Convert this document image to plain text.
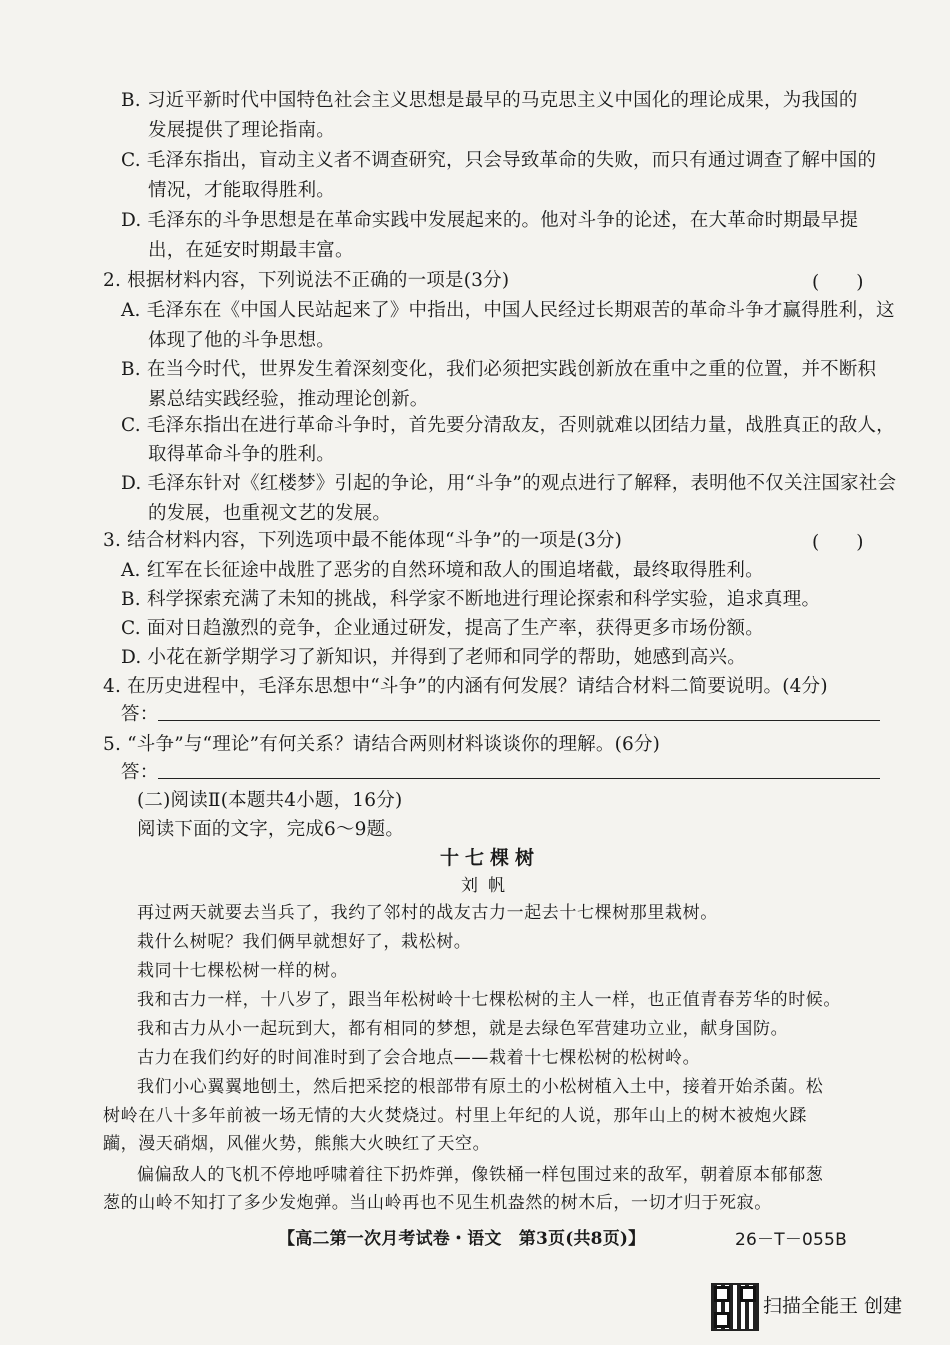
B. 习近平新时代中国特色社会主义思想是最早的马克思主义中国化的理论成果，为我国的
发展提供了理论指南。
C. 毛泽东指出，盲动主义者不调查研究，只会导致革命的失败，而只有通过调查了解中国的
情况，才能取得胜利。
D. 毛泽东的斗争思想是在革命实践中发展起来的。他对斗争的论述，在大革命时期最早提
出，在延安时期最丰富。
2. 根据材料内容，下列说法不正确的一项是(3分)	(　　)
A. 毛泽东在《中国人民站起来了》中指出，中国人民经过长期艰苦的革命斗争才赢得胜利，这
体现了他的斗争思想。
B. 在当今时代，世界发生着深刻变化，我们必须把实践创新放在重中之重的位置，并不断积
累总结实践经验，推动理论创新。
C. 毛泽东指出在进行革命斗争时，首先要分清敌友，否则就难以团结力量，战胜真正的敌人，
取得革命斗争的胜利。
D. 毛泽东针对《红楼梦》引起的争论，用“斗争”的观点进行了解释，表明他不仅关注国家社会
的发展，也重视文艺的发展。
3. 结合材料内容，下列选项中最不能体现“斗争”的一项是(3分)	(　　)
A. 红军在长征途中战胜了恶劣的自然环境和敌人的围追堵截，最终取得胜利。
B. 科学探索充满了未知的挑战，科学家不断地进行理论探索和科学实验，追求真理。
C. 面对日趋激烈的竞争，企业通过研发，提高了生产率，获得更多市场份额。
D. 小花在新学期学习了新知识，并得到了老师和同学的帮助，她感到高兴。
4. 在历史进程中，毛泽东思想中“斗争”的内涵有何发展？请结合材料二简要说明。(4分)
答：
5. “斗争”与“理论”有何关系？请结合两则材料谈谈你的理解。(6分)
答：
(二)阅读Ⅱ(本题共4小题，16分)
阅读下面的文字，完成6～9题。
十七棵树
刘帆
再过两天就要去当兵了，我约了邻村的战友古力一起去十七棵树那里栽树。
栽什么树呢？我们俩早就想好了，栽松树。
栽同十七棵松树一样的树。
我和古力一样，十八岁了，跟当年松树岭十七棵松树的主人一样，也正值青春芳华的时候。
我和古力从小一起玩到大，都有相同的梦想，就是去绿色军营建功立业，献身国防。
古力在我们约好的时间准时到了会合地点——栽着十七棵松树的松树岭。
我们小心翼翼地刨土，然后把采挖的根部带有原土的小松树植入土中，接着开始杀菌。松
树岭在八十多年前被一场无情的大火焚烧过。村里上年纪的人说，那年山上的树木被炮火蹂
躏，漫天硝烟，风催火势，熊熊大火映红了天空。
偏偏敌人的飞机不停地呼啸着往下扔炸弹，像铁桶一样包围过来的敌军，朝着原本郁郁葱
葱的山岭不知打了多少发炮弹。当山岭再也不见生机盎然的树木后，一切才归于死寂。
【高二第一次月考试卷・语文　第3页(共8页)】	26－T－055B
扫描全能王 创建
